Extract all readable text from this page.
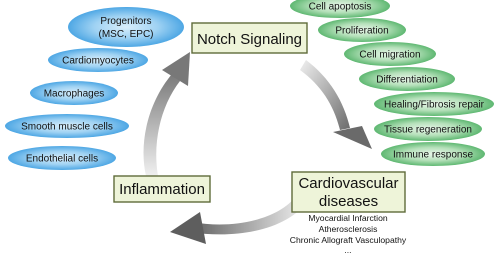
Notch Signaling
Cardiovascular
diseases
Inflammation
Progenitors
(MSC, EPC)
Cardiomyocytes
Macrophages
Smooth muscle cells
Endothelial cells
Cell apoptosis
Proliferation
Cell migration
Differentiation
Healing/Fibrosis repair
Tissue regeneration
Immune response
Myocardial Infarction
Atherosclerosis
Chronic Allograft Vasculopathy
...
